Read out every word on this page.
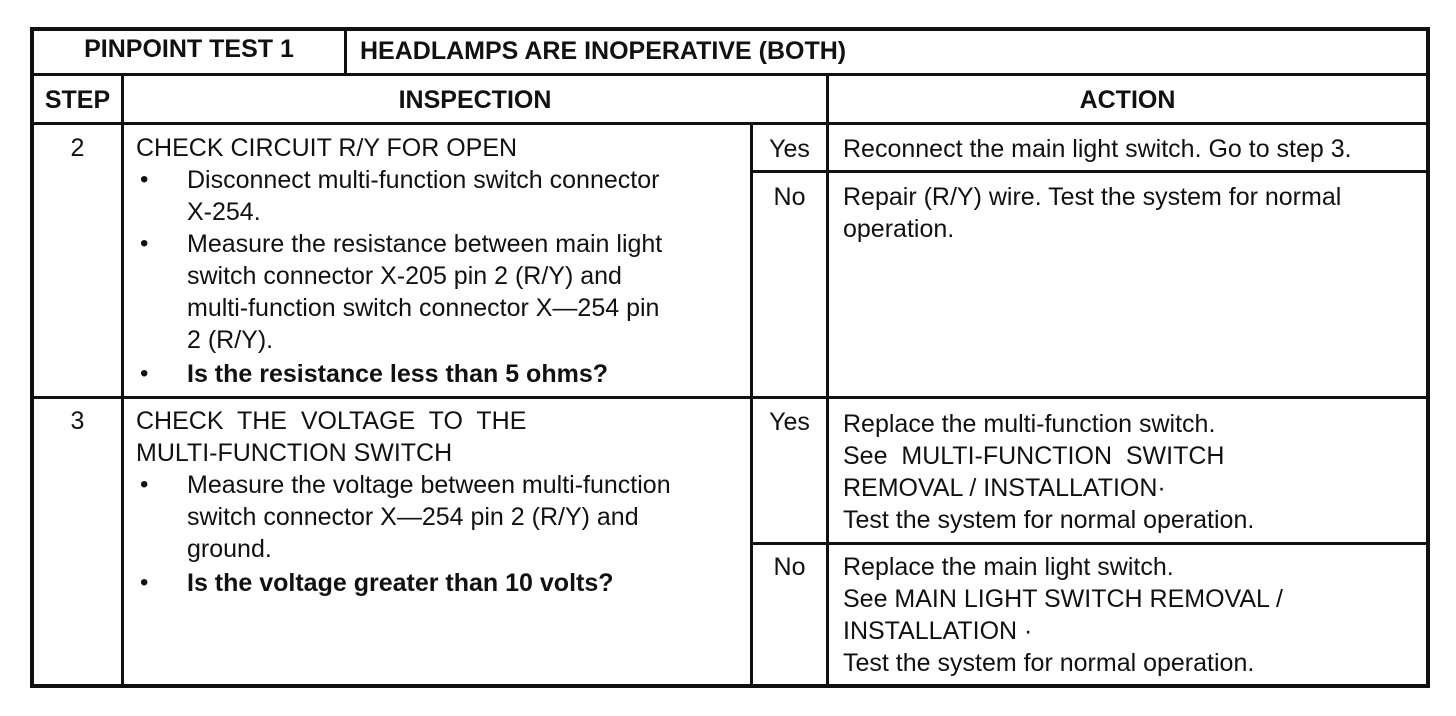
PINPOINT TEST 1	HEADLAMPS ARE INOPERATIVE (BOTH)
STEP	INSPECTION	ACTION
2	CHECK CIRCUIT R/Y FOR OPEN
• Disconnect multi-function switch connector
X-254.
• Measure the resistance between main light
switch connector X-205 pin 2 (R/Y) and
multi-function switch connector X—254 pin
2 (R/Y).
• Is the resistance less than 5 ohms?
Yes	Reconnect the main light switch. Go to step 3.
No	Repair (R/Y) wire. Test the system for normal
operation.
3	CHECK  THE  VOLTAGE  TO  THE
MULTI-FUNCTION SWITCH
• Measure the voltage between multi-function
switch connector X—254 pin 2 (R/Y) and
ground.
• Is the voltage greater than 10 volts?
Yes	Replace the multi-function switch.
See  MULTI-FUNCTION  SWITCH
REMOVAL / INSTALLATION·
Test the system for normal operation.
No	Replace the main light switch.
See MAIN LIGHT SWITCH REMOVAL /
INSTALLATION ·
Test the system for normal operation.
